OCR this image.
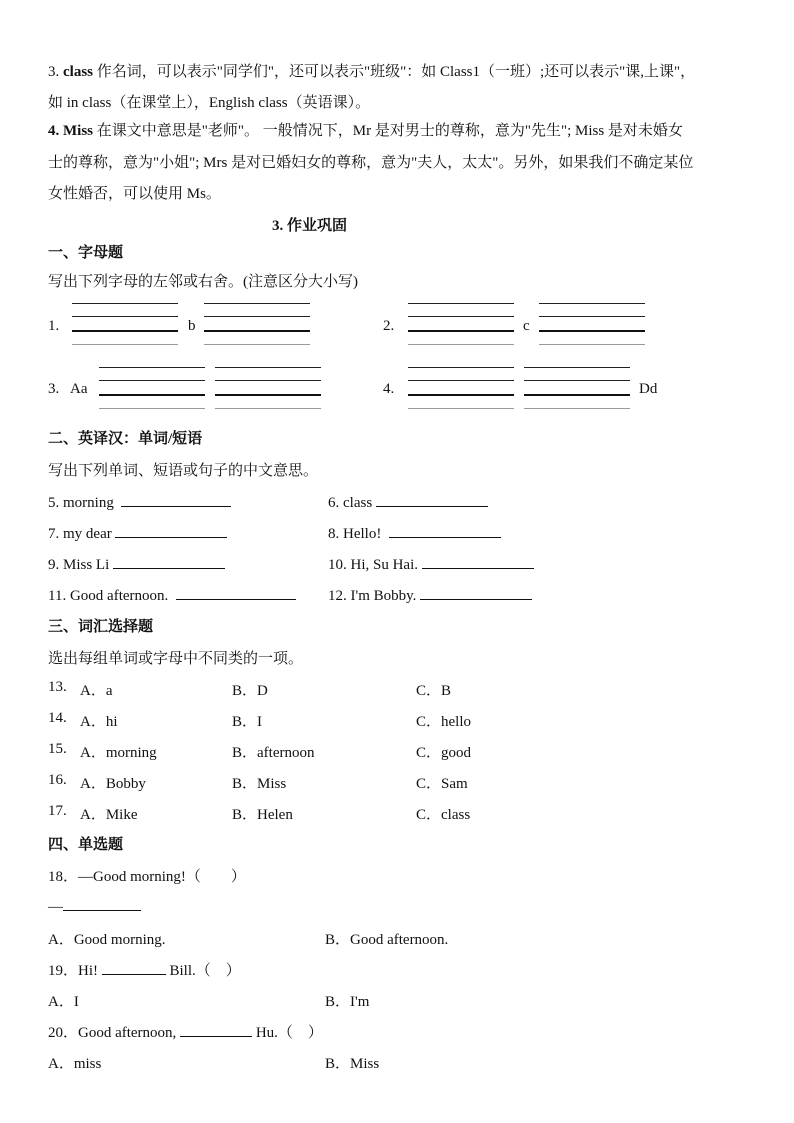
3. class 作名词，可以表示"同学们"，还可以表示"班级"：如 Class1（一班）;还可以表示"课,上课"，
如 in class（在课堂上），English class（英语课）。
4. Miss 在课文中意思是"老师"。 一般情况下，Mr 是对男士的尊称，意为"先生"; Miss 是对未婚女
士的尊称，意为"小姐"; Mrs 是对已婚妇女的尊称，意为"夫人，太太"。另外，如果我们不确定某位
女性婚否，可以使用 Ms。
3. 作业巩固
一、字母题
写出下列字母的左邻或右舍。(注意区分大小写)
1.	b	2.	c
3. Aa	4.	Dd
二、英译汉：单词/短语
写出下列单词、短语或句子的中文意思。
5. morning	6. class
7. my dear	8. Hello!
9. Miss Li	10. Hi, Su Hai.
11. Good afternoon.	12. I'm Bobby.
三、词汇选择题
选出每组单词或字母中不同类的一项。
13. A．a	B．D	C．B
14. A．hi	B．I	C．hello
15. A．morning	B．afternoon	C．good
16. A．Bobby	B．Miss	C．Sam
17. A．Mike	B．Helen	C．class
四、单选题
18．—Good morning!（　　）
—
A．Good morning.	B．Good afternoon.
19．Hi!	Bill.（　）
A．I	B．I'm
20．Good afternoon,	Hu.（　）
A．miss	B．Miss
